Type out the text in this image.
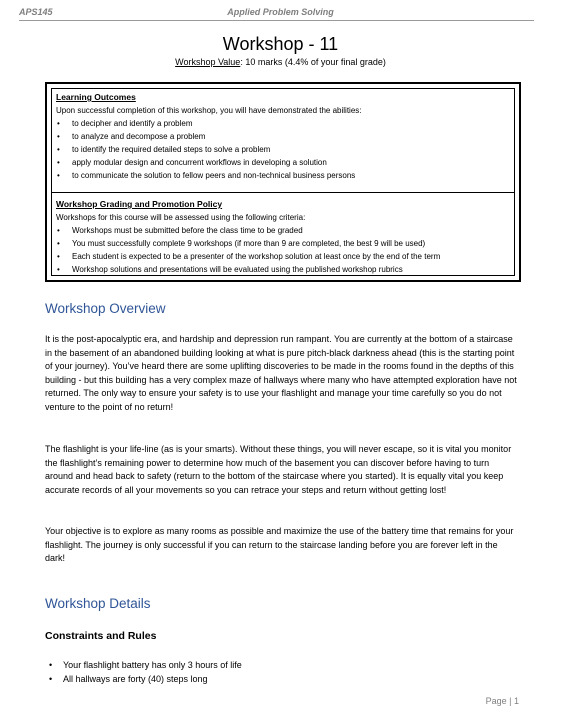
APS145	Applied Problem Solving
Workshop - 11
Workshop Value: 10 marks (4.4% of your final grade)
Learning Outcomes
Upon successful completion of this workshop, you will have demonstrated the abilities:
• to decipher and identify a problem
• to analyze and decompose a problem
• to identify the required detailed steps to solve a problem
• apply modular design and concurrent workflows in developing a solution
• to communicate the solution to fellow peers and non-technical business persons
Workshop Grading and Promotion Policy
Workshops for this course will be assessed using the following criteria:
• Workshops must be submitted before the class time to be graded
• You must successfully complete 9 workshops (if more than 9 are completed, the best 9 will be used)
• Each student is expected to be a presenter of the workshop solution at least once by the end of the term
• Workshop solutions and presentations will be evaluated using the published workshop rubrics
Workshop Overview

It is the post-apocalyptic era, and hardship and depression run rampant. You are currently at the bottom of a staircase in the basement of an abandoned building looking at what is pure pitch-black darkness ahead (this is the starting point of your journey). You’ve heard there are some uplifting discoveries to be made in the rooms found in the depths of this building - but this building has a very complex maze of hallways where many who have attempted exploration have not returned. The only way to ensure your safety is to use your flashlight and manage your time carefully so you do not venture to the point of no return!

The flashlight is your life-line (as is your smarts). Without these things, you will never escape, so it is vital you monitor the flashlight’s remaining power to determine how much of the basement you can discover before having to turn around and head back to safety (return to the bottom of the staircase where you started). It is equally vital you keep accurate records of all your movements so you can retrace your steps and return without getting lost!

Your objective is to explore as many rooms as possible and maximize the use of the battery time that remains for your flashlight. The journey is only successful if you can return to the staircase landing before you are forever left in the dark!

Workshop Details
Constraints and Rules
• Your flashlight battery has only 3 hours of life
• All hallways are forty (40) steps long
Page | 1
